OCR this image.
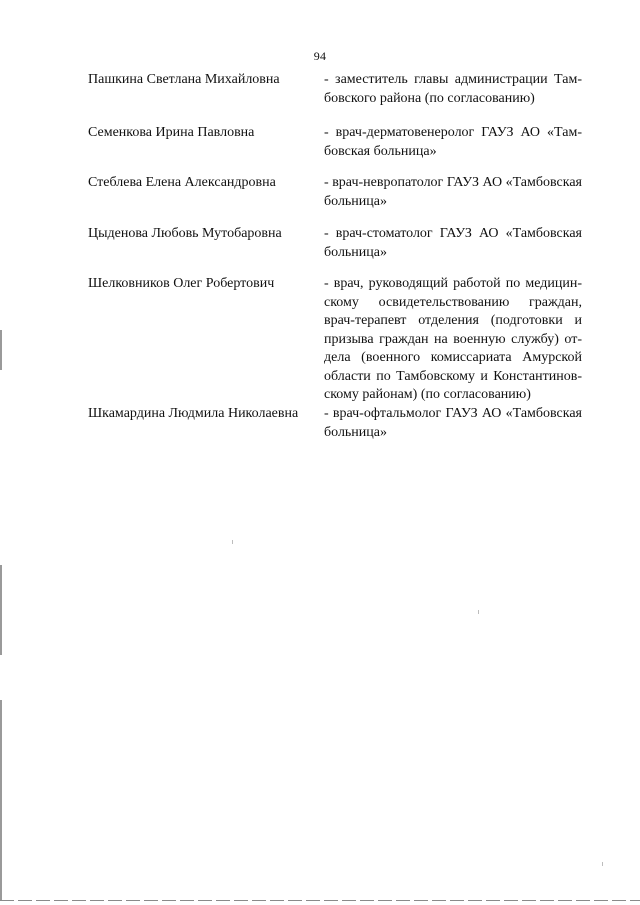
94
Пашкина Светлана Михайловна	- заместитель главы администрации Тамбовского района (по согласованию)
Семенкова Ирина Павловна	- врач-дерматовенеролог ГАУЗ АО «Тамбовская больница»
Стеблева Елена Александровна	- врач-невропатолог ГАУЗ АО «Тамбовская больница»
Цыденова Любовь Мутобаровна	- врач-стоматолог ГАУЗ АО «Тамбовская больница»
Шелковников Олег Робертович	- врач, руководящий работой по медицинскому освидетельствованию граждан, врач-терапевт отделения (подготовки и призыва граждан на военную службу) отдела (военного комиссариата Амурской области по Тамбовскому и Константиновскому районам) (по согласованию)
Шкамардина Людмила Николаевна	- врач-офтальмолог ГАУЗ АО «Тамбовская больница»
